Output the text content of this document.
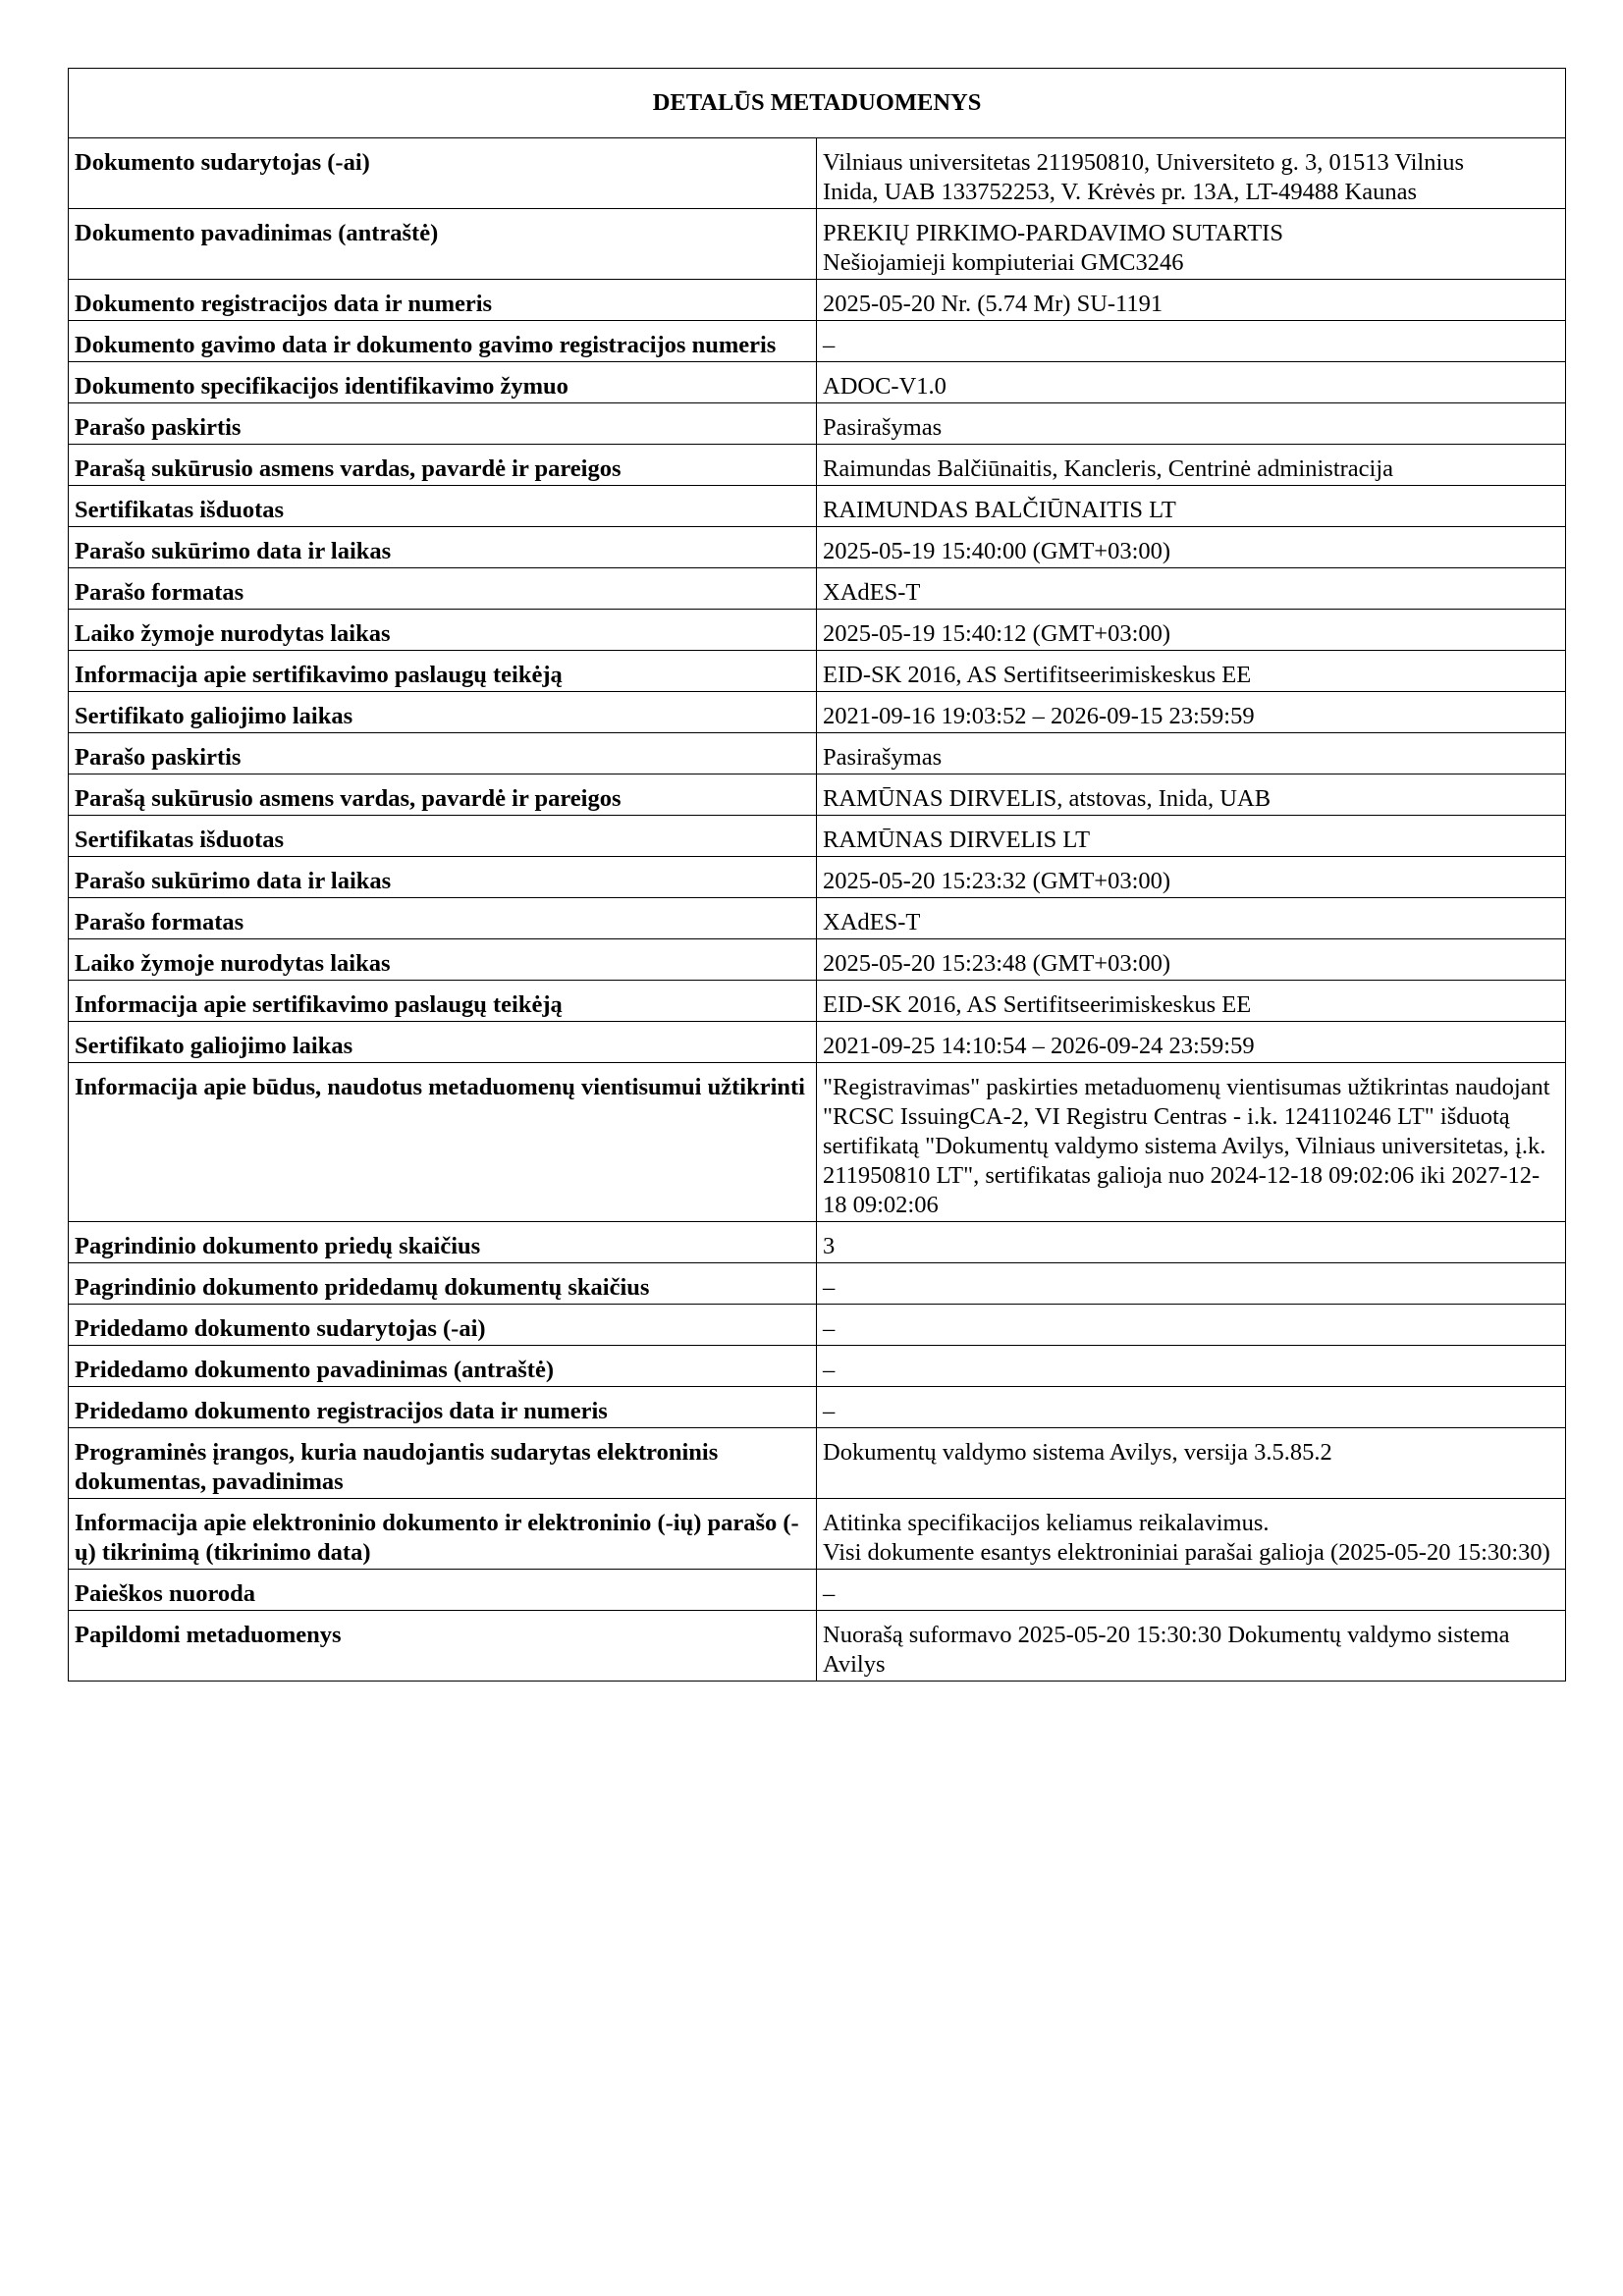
DETALŪS METADUOMENYS	
Dokumento sudarytojas (-ai)	Vilniaus universitetas 211950810, Universiteto g. 3, 01513 Vilnius
Inida, UAB 133752253, V. Krėvės pr. 13A, LT-49488 Kaunas

Dokumento pavadinimas (antraštė)	PREKIŲ PIRKIMO-PARDAVIMO SUTARTIS
Nešiojamieji kompiuteriai GMC3246

Dokumento registracijos data ir numeris	2025-05-20 Nr. (5.74 Mr) SU-1191

Dokumento gavimo data ir dokumento gavimo registracijos numeris	–

Dokumento specifikacijos identifikavimo žymuo	ADOC-V1.0

Parašo paskirtis	Pasirašymas

Parašą sukūrusio asmens vardas, pavardė ir pareigos	Raimundas Balčiūnaitis, Kancleris, Centrinė administracija

Sertifikatas išduotas	RAIMUNDAS BALČIŪNAITIS LT

Parašo sukūrimo data ir laikas	2025-05-19 15:40:00 (GMT+03:00)

Parašo formatas	XAdES-T

Laiko žymoje nurodytas laikas	2025-05-19 15:40:12 (GMT+03:00)

Informacija apie sertifikavimo paslaugų teikėją	EID-SK 2016, AS Sertifitseerimiskeskus EE

Sertifikato galiojimo laikas	2021-09-16 19:03:52 – 2026-09-15 23:59:59

Parašo paskirtis	Pasirašymas

Parašą sukūrusio asmens vardas, pavardė ir pareigos	RAMŪNAS DIRVELIS, atstovas, Inida, UAB

Sertifikatas išduotas	RAMŪNAS DIRVELIS LT

Parašo sukūrimo data ir laikas	2025-05-20 15:23:32 (GMT+03:00)

Parašo formatas	XAdES-T

Laiko žymoje nurodytas laikas	2025-05-20 15:23:48 (GMT+03:00)

Informacija apie sertifikavimo paslaugų teikėją	EID-SK 2016, AS Sertifitseerimiskeskus EE

Sertifikato galiojimo laikas	2021-09-25 14:10:54 – 2026-09-24 23:59:59

Informacija apie būdus, naudotus metaduomenų vientisumui užtikrinti	"Registravimas" paskirties metaduomenų vientisumas užtikrintas naudojant "RCSC IssuingCA-2, VI Registru Centras - i.k. 124110246 LT" išduotą sertifikatą "Dokumentų valdymo sistema Avilys, Vilniaus universitetas, į.k. 211950810 LT", sertifikatas galioja nuo 2024-12-18 09:02:06 iki 2027-12-18 09:02:06

Pagrindinio dokumento priedų skaičius	3

Pagrindinio dokumento pridedamų dokumentų skaičius	–

Pridedamo dokumento sudarytojas (-ai)	–

Pridedamo dokumento pavadinimas (antraštė)	–

Pridedamo dokumento registracijos data ir numeris	–

Programinės įrangos, kuria naudojantis sudarytas elektroninis dokumentas, pavadinimas	Dokumentų valdymo sistema Avilys, versija 3.5.85.2

Informacija apie elektroninio dokumento ir elektroninio (-ių) parašo (-ų) tikrinimą (tikrinimo data)	Atitinka specifikacijos keliamus reikalavimus.
Visi dokumente esantys elektroniniai parašai galioja (2025-05-20 15:30:30)

Paieškos nuoroda	–

Papildomi metaduomenys	Nuorašą suformavo 2025-05-20 15:30:30 Dokumentų valdymo sistema Avilys
